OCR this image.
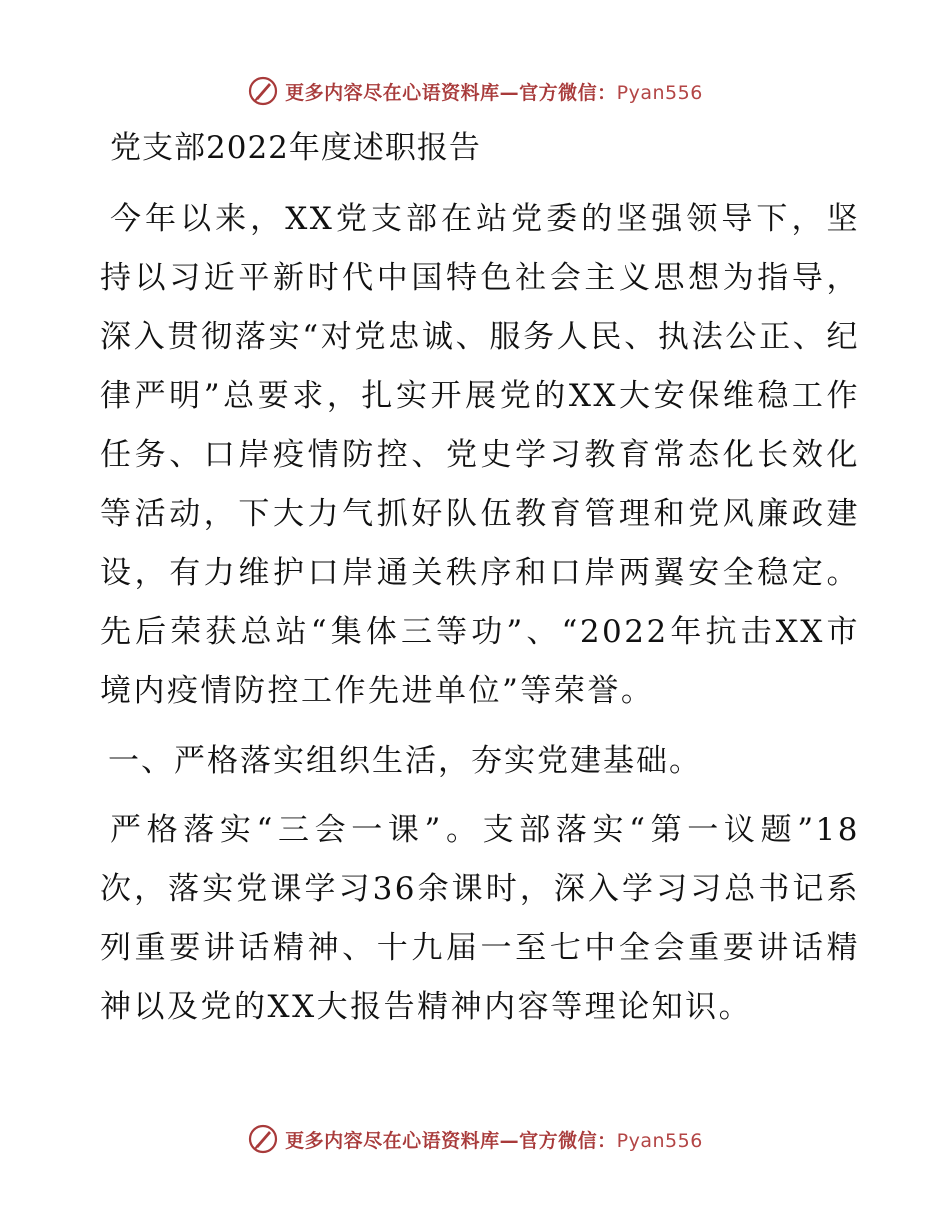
更多内容尽在心语资料库—官方微信：Pyan556
党支部2022年度述职报告

今年以来，XX党支部在站党委的坚强领导下，坚持以习近平新时代中国特色社会主义思想为指导，深入贯彻落实“对党忠诚、服务人民、执法公正、纪律严明”总要求，扎实开展党的XX大安保维稳工作任务、口岸疫情防控、党史学习教育常态化长效化等活动，下大力气抓好队伍教育管理和党风廉政建设，有力维护口岸通关秩序和口岸两翼安全稳定。先后荣获总站“集体三等功”、“2022年抗击XX市境内疫情防控工作先进单位”等荣誉。

一、严格落实组织生活，夯实党建基础。

严格落实“三会一课”。支部落实“第一议题”18次，落实党课学习36余课时，深入学习习总书记系列重要讲话精神、十九届一至七中全会重要讲话精神以及党的XX大报告精神内容等理论知识。

更多内容尽在心语资料库—官方微信：Pyan556
